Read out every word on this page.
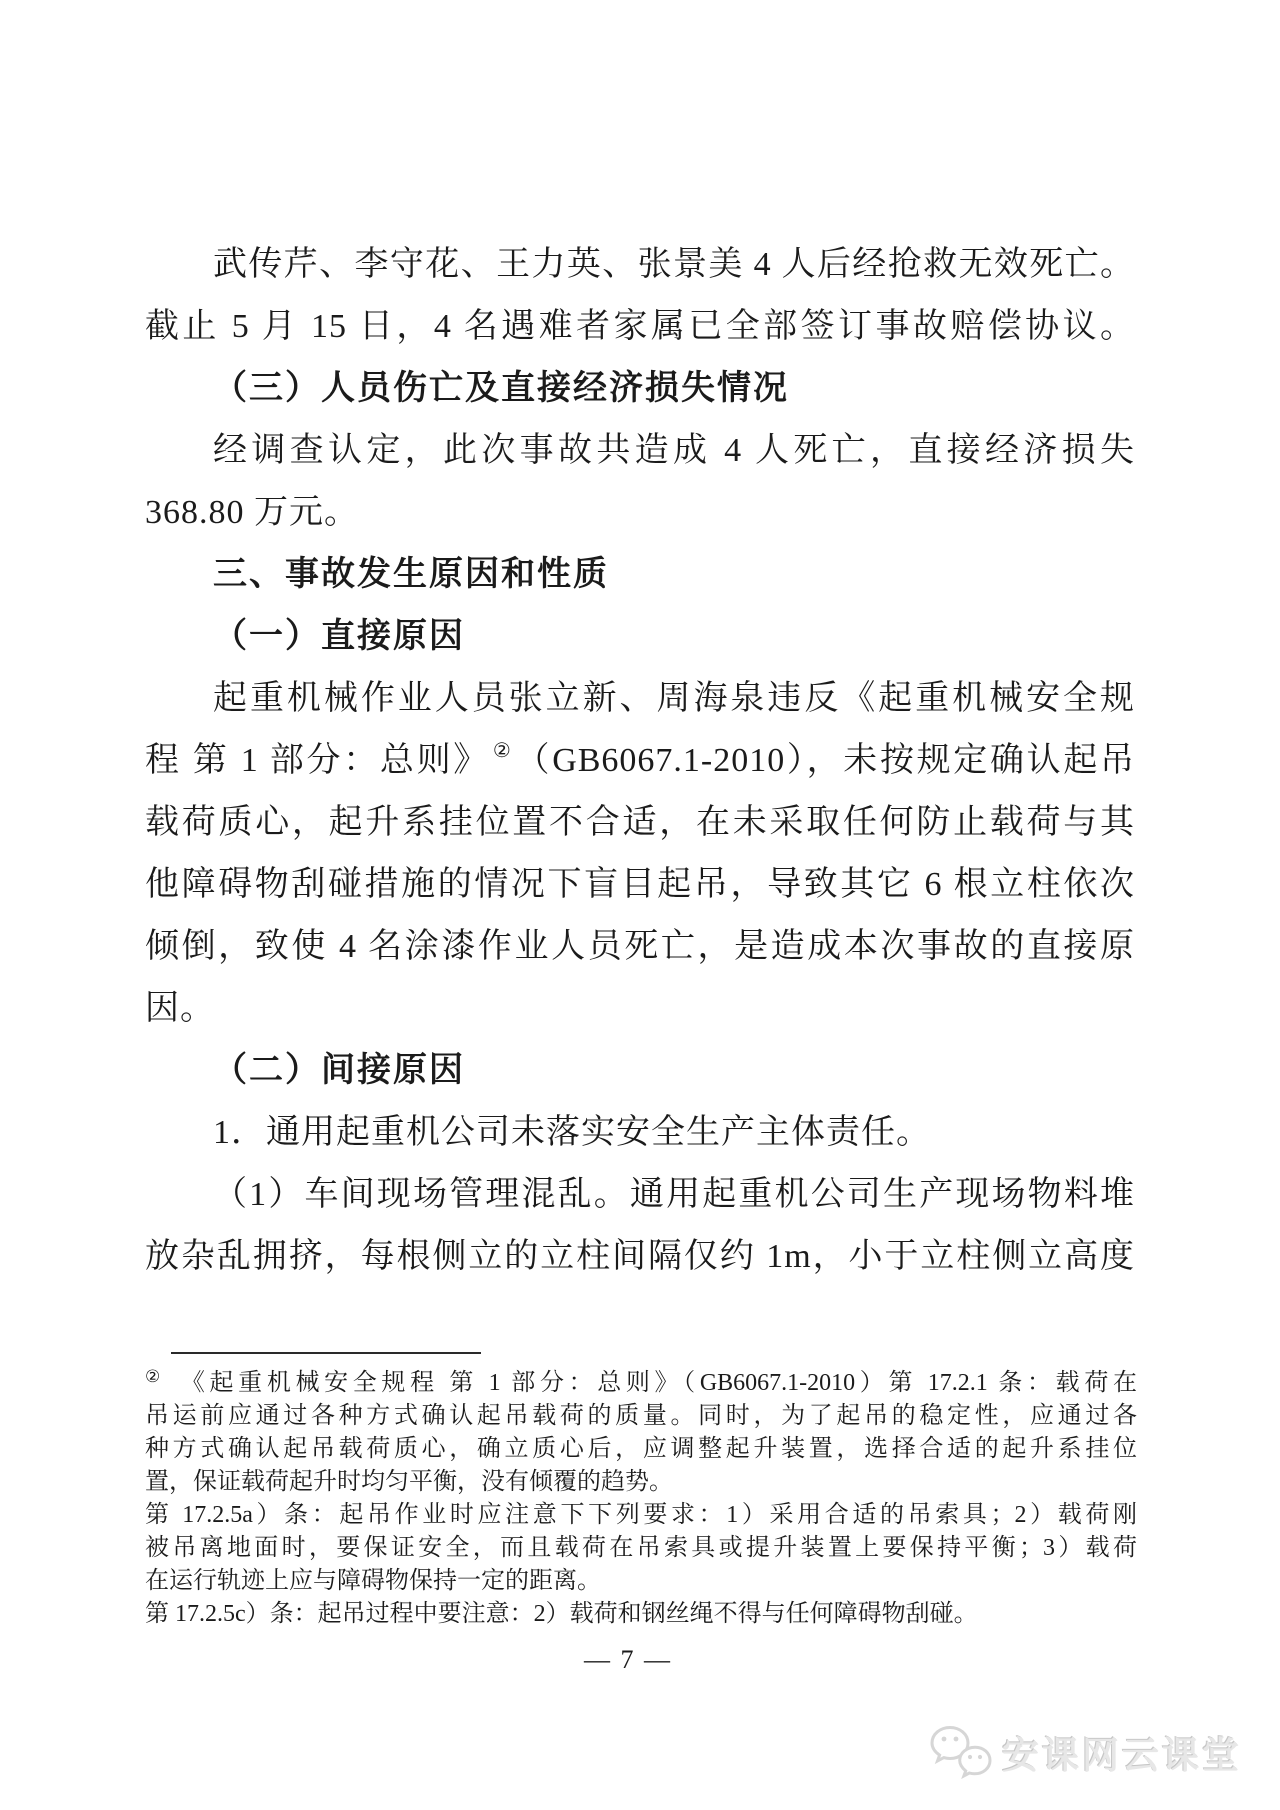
武传芹、李守花、王力英、张景美 4 人后经抢救无效死亡。

截止 5 月 15 日，4 名遇难者家属已全部签订事故赔偿协议。

（三）人员伤亡及直接经济损失情况

经调查认定，此次事故共造成 4 人死亡，直接经济损失

368.80 万元。

三、事故发生原因和性质

（一）直接原因

起重机械作业人员张立新、周海泉违反《起重机械安全规

程 第 1 部分：总则》 ②（GB6067.1-2010），未按规定确认起吊

载荷质心，起升系挂位置不合适，在未采取任何防止载荷与其

他障碍物刮碰措施的情况下盲目起吊，导致其它 6 根立柱依次

倾倒，致使 4 名涂漆作业人员死亡，是造成本次事故的直接原

因。

（二）间接原因

1．通用起重机公司未落实安全生产主体责任。

（1）车间现场管理混乱。通用起重机公司生产现场物料堆

放杂乱拥挤，每根侧立的立柱间隔仅约 1m，小于立柱侧立高度

② 《起重机械安全规程 第 1 部分：总则》（GB6067.1-2010）第 17.2.1 条：载荷在

吊运前应通过各种方式确认起吊载荷的质量。同时，为了起吊的稳定性，应通过各

种方式确认起吊载荷质心，确立质心后，应调整起升装置，选择合适的起升系挂位

置，保证载荷起升时均匀平衡，没有倾覆的趋势。

第 17.2.5a）条：起吊作业时应注意下下列要求：1）采用合适的吊索具；2）载荷刚

被吊离地面时，要保证安全，而且载荷在吊索具或提升装置上要保持平衡；3）载荷

在运行轨迹上应与障碍物保持一定的距离。

第 17.2.5c）条：起吊过程中要注意：2）载荷和钢丝绳不得与任何障碍物刮碰。

— 7 —
安课网云课堂
